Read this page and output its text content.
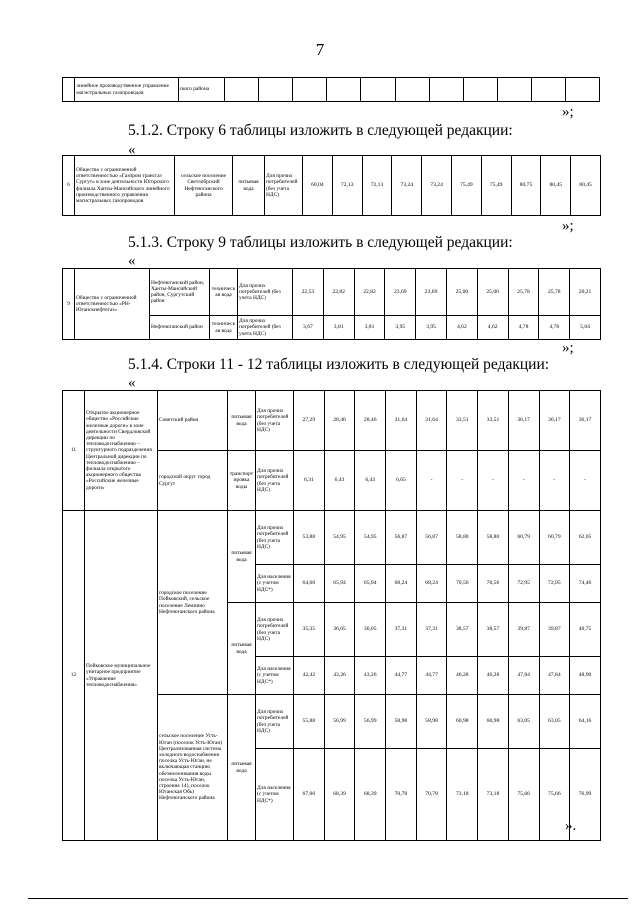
7
	линейное производственное управление магистральных газопроводов	ского района											
»;
5.1.2. Строку 6 таблицы изложить в следующей редакции:
«
6	Общество с ограниченной ответственностью «Газпром трансгаз Сургут» в зоне деятельности Югорского филиала Ханты-Мансийского линейного производственного управления магистральных газопроводов	сельское поселение Светлобрский Нефтеюганского района	питьевая вода	Для прочих потребителей (без учета НДС)	60,04	72,13	72,13	73,24	73,24	75,49	75,49	80,75	80,45	80,45
»;
5.1.3. Строку 9 таблицы изложить в следующей редакции:
«
9	Общество с ограниченной ответственностью «РН-Юганскнефтегаз»	Нефтеюганский район, Ханты-Мансийский район, Сургутский район	техническая вода	Для прочих потребителей (без учета НДС)	22,53	22,82	22,82	23,69	23,69	25,00	25,00	25,78	25,78	20,21
		Нефтеюганский район	техническая вода	Для прочих потребителей (без учета НДС)	3,67	3,81	3,81	3,95	3,95	4,62	4,62	4,78	4,78	5,04
»;
5.1.4. Строки 11 - 12 таблицы изложить в следующей редакции:
«
11	Открытое акционерное общество «Российские железные дороги» в зоне деятельности Свердловской дирекции по тепловодоснабжению – структурного подразделения Центральной дирекции по тепловодоснабжению – филиала открытого акционерного общества «Российские железные дороги»	Советский район	питьевая вода	Для прочих потребителей (без учета НДС)	27,29	28,46	28,46	31,64	31,64	33,51	33,51	36,17	36,17	36,17
		городской округ город Сургут	транспортировка воды	Для прочих потребителей (без учета НДС)	6,31	6,43	6,43	6,65	-	-	-	-	-	-
12	Пойковское муниципальное унитарное предприятие «Управление тепловодоснабжения»	городское поселение Пойковский, сельское поселение Лемпино Нефтеюганского района	питьевая вода	Для прочих потребителей (без учета НДС)	53,88	54,95	54,95	56,87	56,87	58,80	58,80	60,79	60,79	62,05
				Для населения (с учетом НДС*)	64,66	65,94	65,94	68,24	68,24	70,56	70,56	72,95	72,95	74,46
			питьевая вода	Для прочих потребителей (без учета НДС)	35,35	36,05	36,05	37,31	37,31	38,57	38,57	39,87	39,87	40,75
				Для населения (с учетом НДС*)	42,42	43,26	43,26	44,77	44,77	46,28	46,28	47,84	47,84	48,90
		сельское поселение Усть-Юган (поселок Усть-Юган) Централизованная система холодного водоснабжения поселка Усть-Юган, не включающая станцию обезжелезивания воды поселка Усть-Юган, строение 14), поселок Юганская Обь) Нефтеюганского района	питьевая вода	Для прочих потребителей (без учета НДС)	55,88	56,99	56,99	58,98	58,98	60,98	60,98	63,05	63,05	64,16
				Для населения (с учетом НДС*)	67,06	68,39	68,39	70,78	70,78	73,18	73,18	75,66	75,66	76,99
».
